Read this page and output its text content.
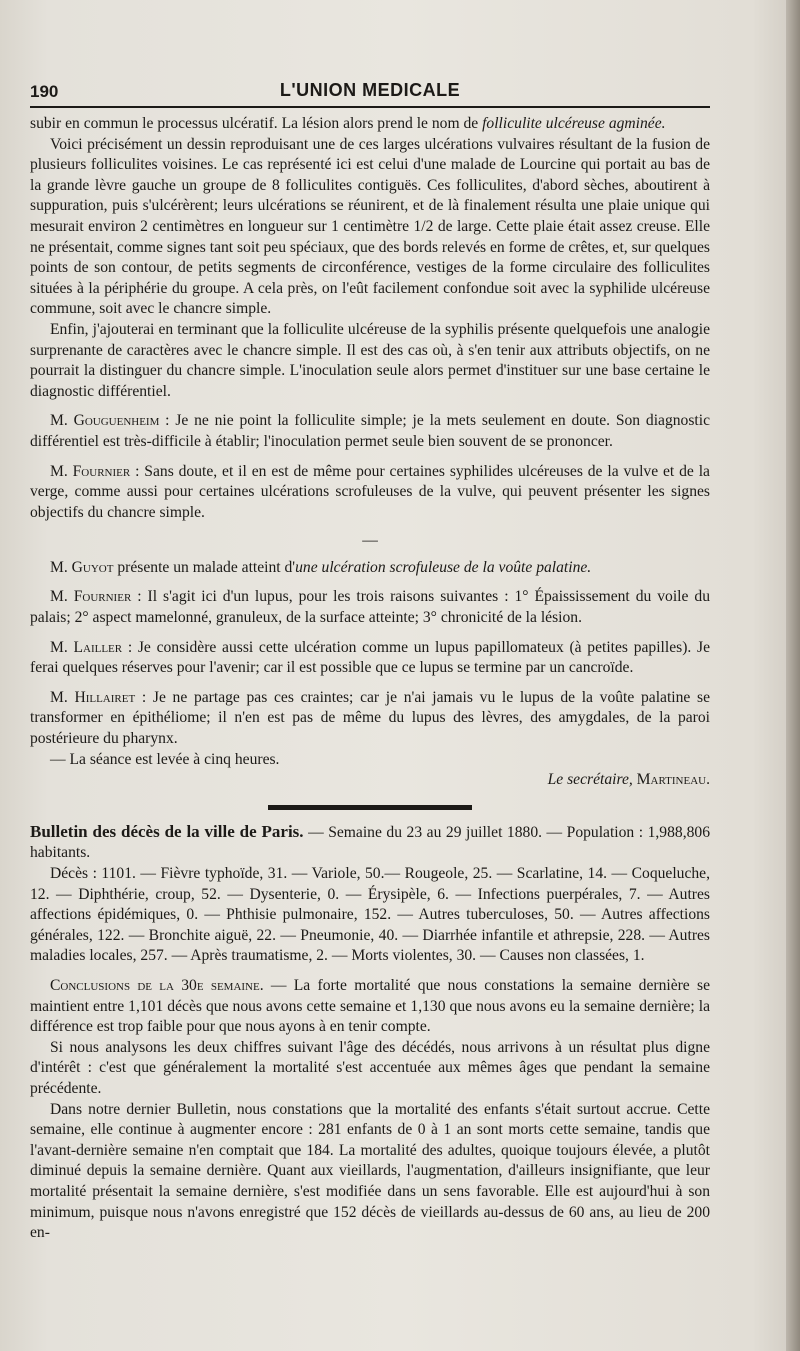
190	L'UNION MEDICALE

subir en commun le processus ulcératif. La lésion alors prend le nom de folliculite ulcéreuse agminée.

Voici précisément un dessin reproduisant une de ces larges ulcérations vulvaires résultant de la fusion de plusieurs folliculites voisines. Le cas représenté ici est celui d'une malade de Lourcine qui portait au bas de la grande lèvre gauche un groupe de 8 folliculites contiguës. Ces folliculites, d'abord sèches, aboutirent à suppuration, puis s'ulcérèrent; leurs ulcérations se réunirent, et de là finalement résulta une plaie unique qui mesurait environ 2 centimètres en longueur sur 1 centimètre 1/2 de large. Cette plaie était assez creuse. Elle ne présentait, comme signes tant soit peu spéciaux, que des bords relevés en forme de crêtes, et, sur quelques points de son contour, de petits segments de circonférence, vestiges de la forme circulaire des folliculites situées à la périphérie du groupe. A cela près, on l'eût facilement confondue soit avec la syphilide ulcéreuse commune, soit avec le chancre simple.

Enfin, j'ajouterai en terminant que la folliculite ulcéreuse de la syphilis présente quelquefois une analogie surprenante de caractères avec le chancre simple. Il est des cas où, à s'en tenir aux attributs objectifs, on ne pourrait la distinguer du chancre simple. L'inoculation seule alors permet d'instituer sur une base certaine le diagnostic différentiel.

M. Gouguenheim : Je ne nie point la folliculite simple; je la mets seulement en doute. Son diagnostic différentiel est très-difficile à établir; l'inoculation permet seule bien souvent de se prononcer.

M. Fournier : Sans doute, et il en est de même pour certaines syphilides ulcéreuses de la vulve et de la verge, comme aussi pour certaines ulcérations scrofuleuses de la vulve, qui peuvent présenter les signes objectifs du chancre simple.

—

M. Guyot présente un malade atteint d'une ulcération scrofuleuse de la voûte palatine.

M. Fournier : Il s'agit ici d'un lupus, pour les trois raisons suivantes : 1° Épaississement du voile du palais; 2° aspect mamelonné, granuleux, de la surface atteinte; 3° chronicité de la lésion.

M. Lailler : Je considère aussi cette ulcération comme un lupus papillomateux (à petites papilles). Je ferai quelques réserves pour l'avenir; car il est possible que ce lupus se termine par un cancroïde.

M. Hillairet : Je ne partage pas ces craintes; car je n'ai jamais vu le lupus de la voûte palatine se transformer en épithéliome; il n'en est pas de même du lupus des lèvres, des amygdales, de la paroi postérieure du pharynx.

— La séance est levée à cinq heures.

Le secrétaire, Martineau.

Bulletin des décès de la ville de Paris. — Semaine du 23 au 29 juillet 1880. — Population : 1,988,806 habitants.

Décès : 1101. — Fièvre typhoïde, 31. — Variole, 50.— Rougeole, 25. — Scarlatine, 14. — Coqueluche, 12. — Diphthérie, croup, 52. — Dysenterie, 0. — Érysipèle, 6. — Infections puerpérales, 7. — Autres affections épidémiques, 0. — Phthisie pulmonaire, 152. — Autres tuberculoses, 50. — Autres affections générales, 122. — Bronchite aiguë, 22. — Pneumonie, 40. — Diarrhée infantile et athrepsie, 228. — Autres maladies locales, 257. — Après traumatisme, 2. — Morts violentes, 30. — Causes non classées, 1.

Conclusions de la 30e semaine. — La forte mortalité que nous constations la semaine dernière se maintient entre 1,101 décès que nous avons cette semaine et 1,130 que nous avons eu la semaine dernière; la différence est trop faible pour que nous ayons à en tenir compte.

Si nous analysons les deux chiffres suivant l'âge des décédés, nous arrivons à un résultat plus digne d'intérêt : c'est que généralement la mortalité s'est accentuée aux mêmes âges que pendant la semaine précédente.

Dans notre dernier Bulletin, nous constations que la mortalité des enfants s'était surtout accrue. Cette semaine, elle continue à augmenter encore : 281 enfants de 0 à 1 an sont morts cette semaine, tandis que l'avant-dernière semaine n'en comptait que 184. La mortalité des adultes, quoique toujours élevée, a plutôt diminué depuis la semaine dernière. Quant aux vieillards, l'augmentation, d'ailleurs insignifiante, que leur mortalité présentait la semaine dernière, s'est modifiée dans un sens favorable. Elle est aujourd'hui à son minimum, puisque nous n'avons enregistré que 152 décès de vieillards au-dessus de 60 ans, au lieu de 200 en-
